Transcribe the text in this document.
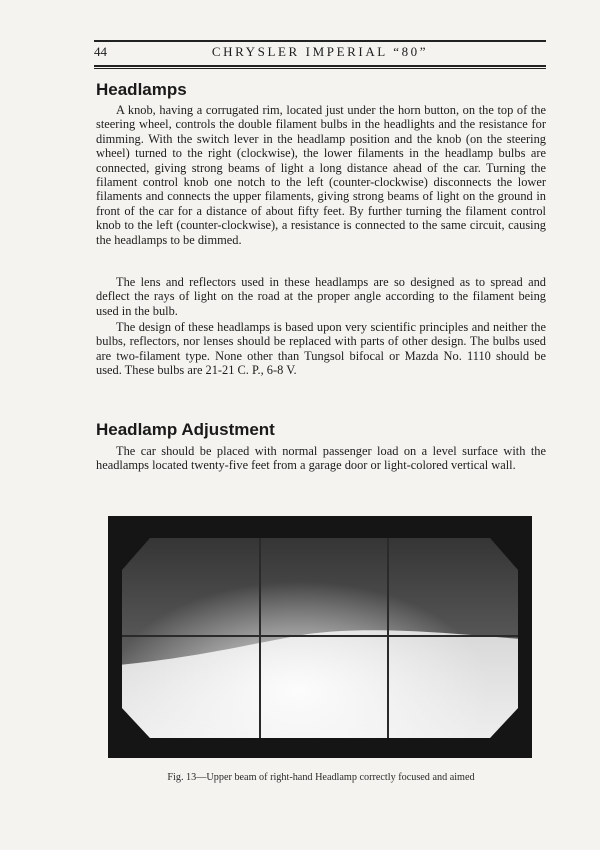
44	CHRYSLER IMPERIAL “80”
Headlamps

A knob, having a corrugated rim, located just under the horn button, on the top of the steering wheel, controls the double filament bulbs in the headlights and the resistance for dimming. With the switch lever in the headlamp position and the knob (on the steering wheel) turned to the right (clockwise), the lower filaments in the headlamp bulbs are connected, giving strong beams of light a long distance ahead of the car. Turning the filament control knob one notch to the left (counter-clockwise) disconnects the lower filaments and connects the upper filaments, giving strong beams of light on the ground in front of the car for a distance of about fifty feet. By further turning the filament control knob to the left (counter-clockwise), a resistance is connected to the same circuit, causing the headlamps to be dimmed.

The lens and reflectors used in these headlamps are so designed as to spread and deflect the rays of light on the road at the proper angle according to the filament being used in the bulb.

The design of these headlamps is based upon very scientific principles and neither the bulbs, reflectors, nor lenses should be replaced with parts of other design. The bulbs used are two-filament type. None other than Tungsol bifocal or Mazda No. 1110 should be used. These bulbs are 21-21 C. P., 6-8 V.

Headlamp Adjustment

The car should be placed with normal passenger load on a level surface with the headlamps located twenty-five feet from a garage door or light-colored vertical wall.

Fig. 13—Upper beam of right-hand Headlamp correctly focused and aimed
